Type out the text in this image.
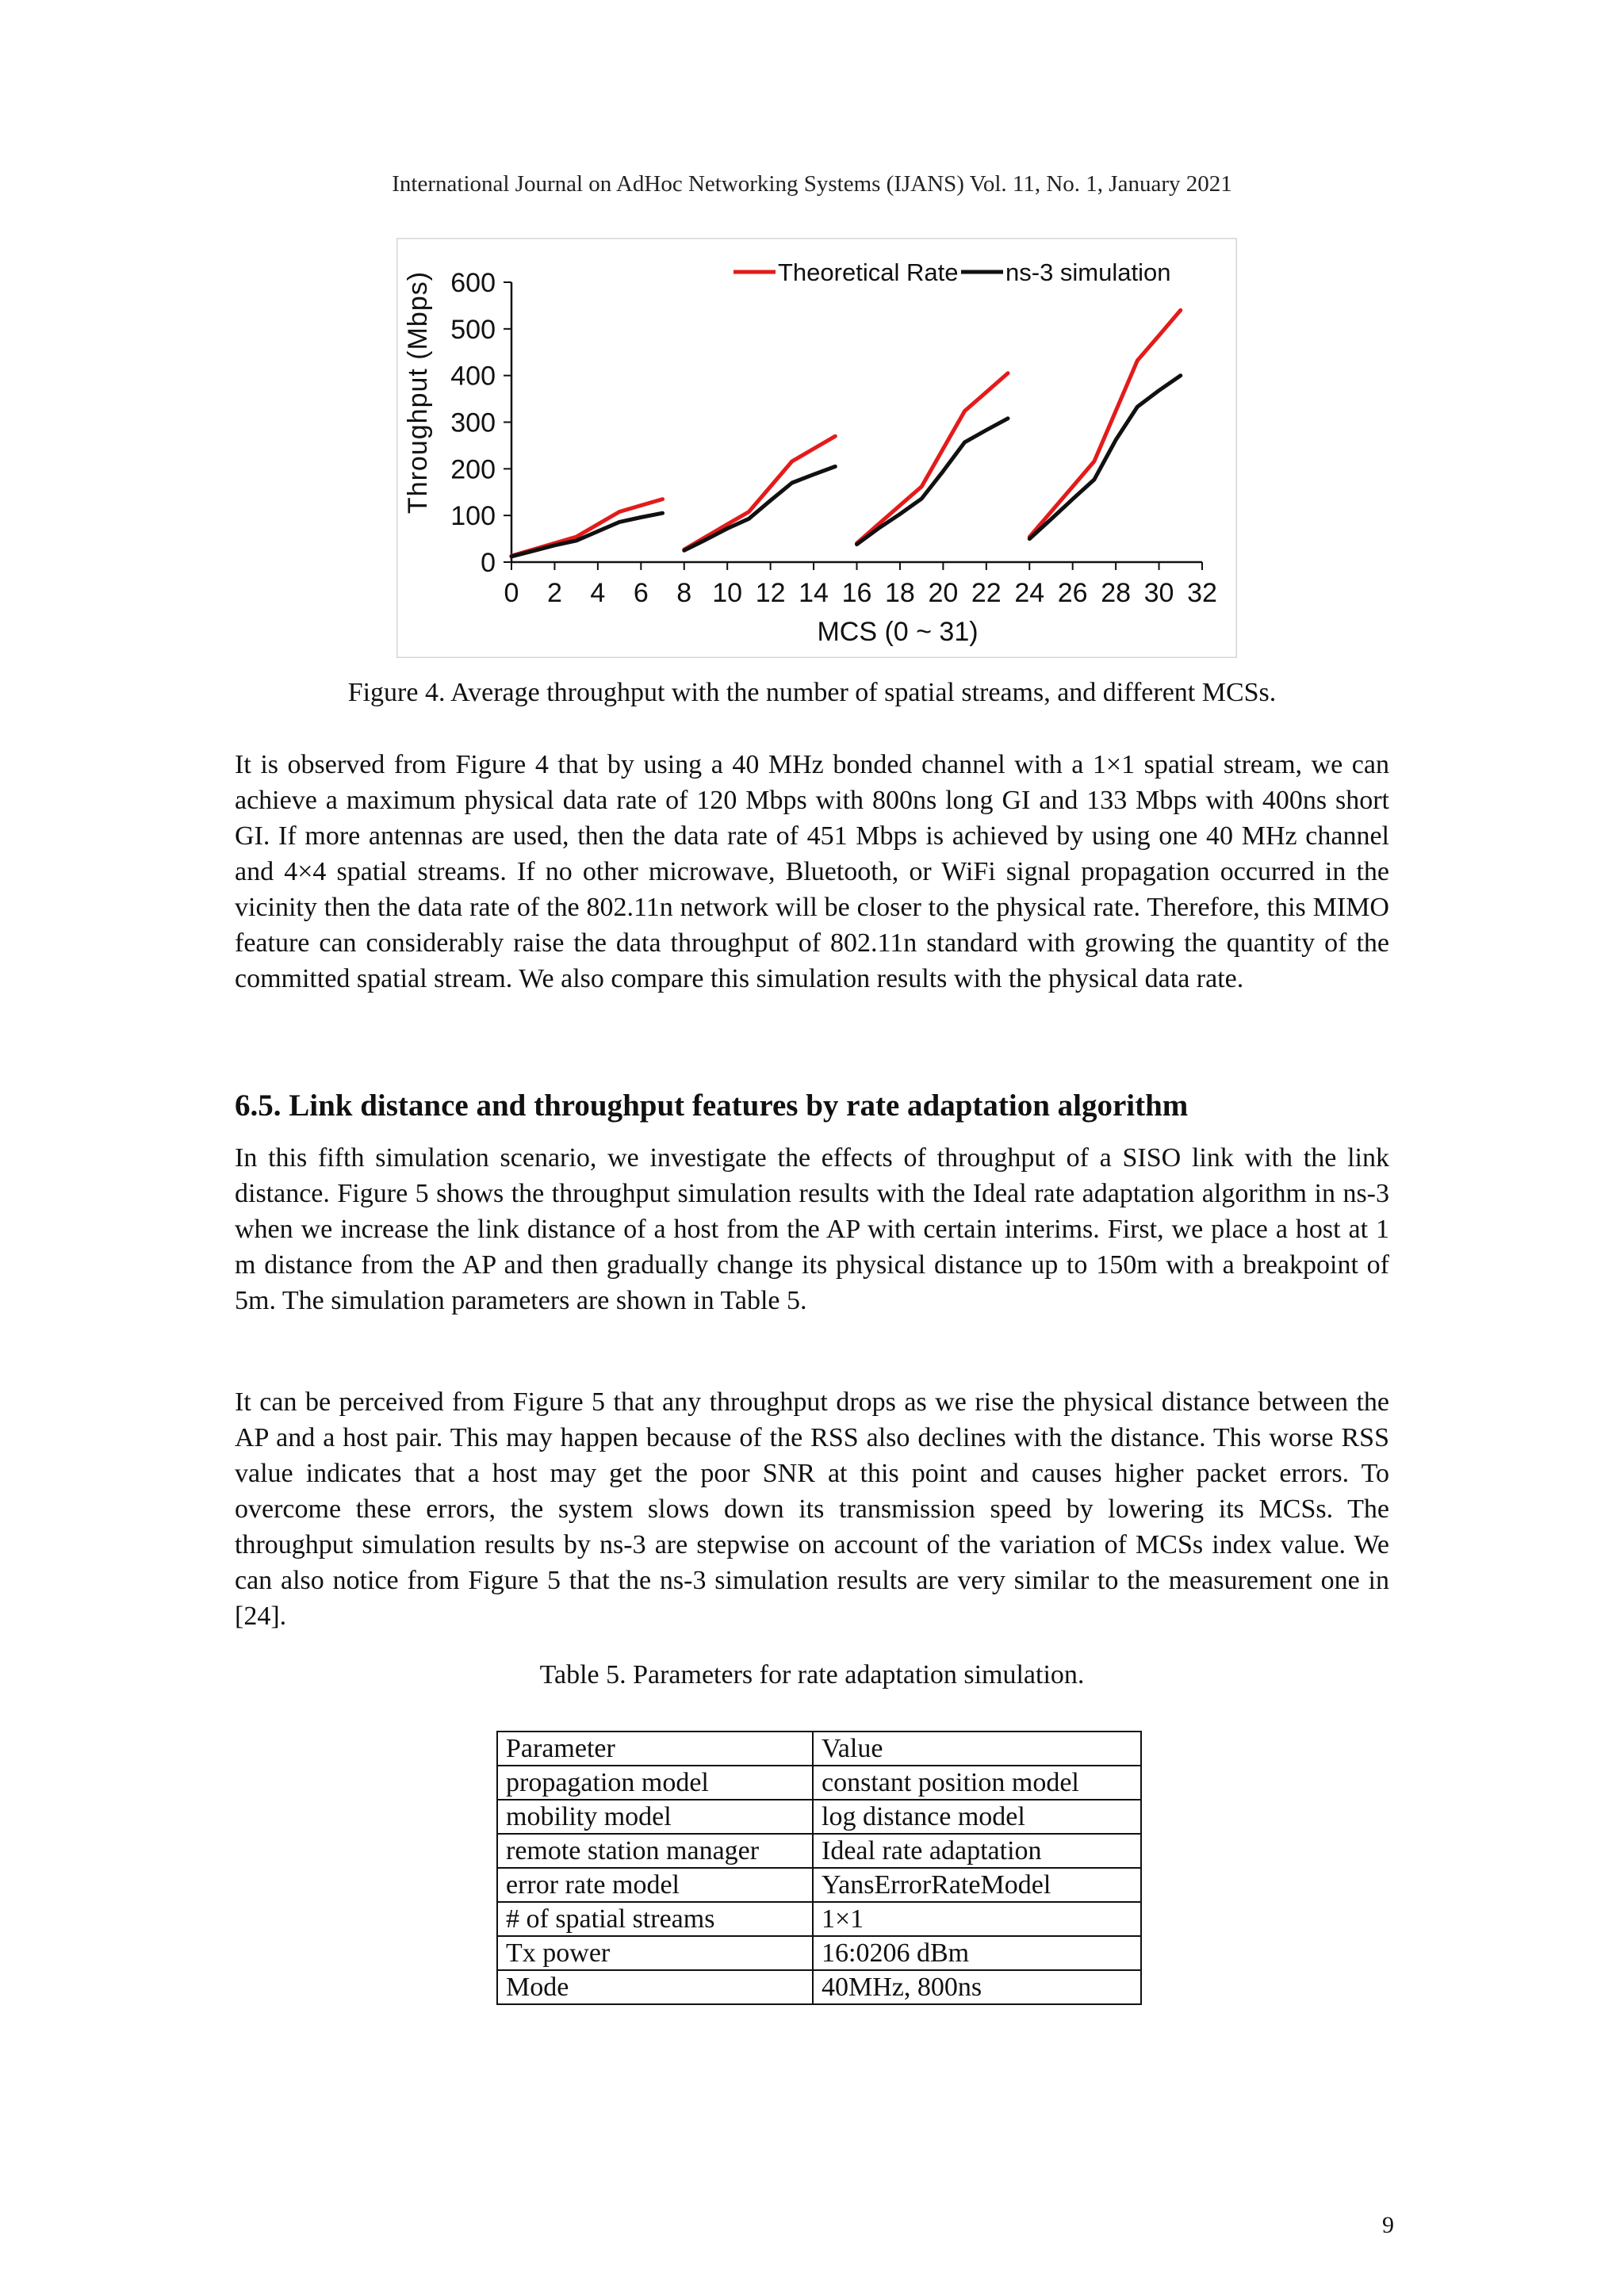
International Journal on AdHoc Networking Systems (IJANS) Vol. 11, No. 1, January 2021
0
100
200
300
400
500
600
0 2 4 6 8 10 12 14 16 18 20 22 24 26 28 30 32
Theoretical Rate ns-3 simulation
MCS (0 ~ 31)
Throughput (Mbps)
Figure 4. Average throughput with the number of spatial streams, and different MCSs.

It is observed from Figure 4 that by using a 40 MHz bonded channel with a 1×1 spatial stream, we can achieve a maximum physical data rate of 120 Mbps with 800ns long GI and 133 Mbps with 400ns short GI. If more antennas are used, then the data rate of 451 Mbps is achieved by using one 40 MHz channel and 4×4 spatial streams. If no other microwave, Bluetooth, or WiFi signal propagation occurred in the vicinity then the data rate of the 802.11n network will be closer to the physical rate. Therefore, this MIMO feature can considerably raise the data throughput of 802.11n standard with growing the quantity of the committed spatial stream. We also compare this simulation results with the physical data rate.

6.5. Link distance and throughput features by rate adaptation algorithm

In this fifth simulation scenario, we investigate the effects of throughput of a SISO link with the link distance. Figure 5 shows the throughput simulation results with the Ideal rate adaptation algorithm in ns-3 when we increase the link distance of a host from the AP with certain interims. First, we place a host at 1 m distance from the AP and then gradually change its physical distance up to 150m with a breakpoint of 5m. The simulation parameters are shown in Table 5.

It can be perceived from Figure 5 that any throughput drops as we rise the physical distance between the AP and a host pair. This may happen because of the RSS also declines with the distance. This worse RSS value indicates that a host may get the poor SNR at this point and causes higher packet errors. To overcome these errors, the system slows down its transmission speed by lowering its MCSs. The throughput simulation results by ns-3 are stepwise on account of the variation of MCSs index value. We can also notice from Figure 5 that the ns-3 simulation results are very similar to the measurement one in [24].

Table 5. Parameters for rate adaptation simulation.
Parameter	Value
propagation model	constant position model
mobility model	log distance model
remote station manager	Ideal rate adaptation
error rate model	YansErrorRateModel
# of spatial streams	1×1
Tx power	16:0206 dBm
Mode	40MHz, 800ns
9
